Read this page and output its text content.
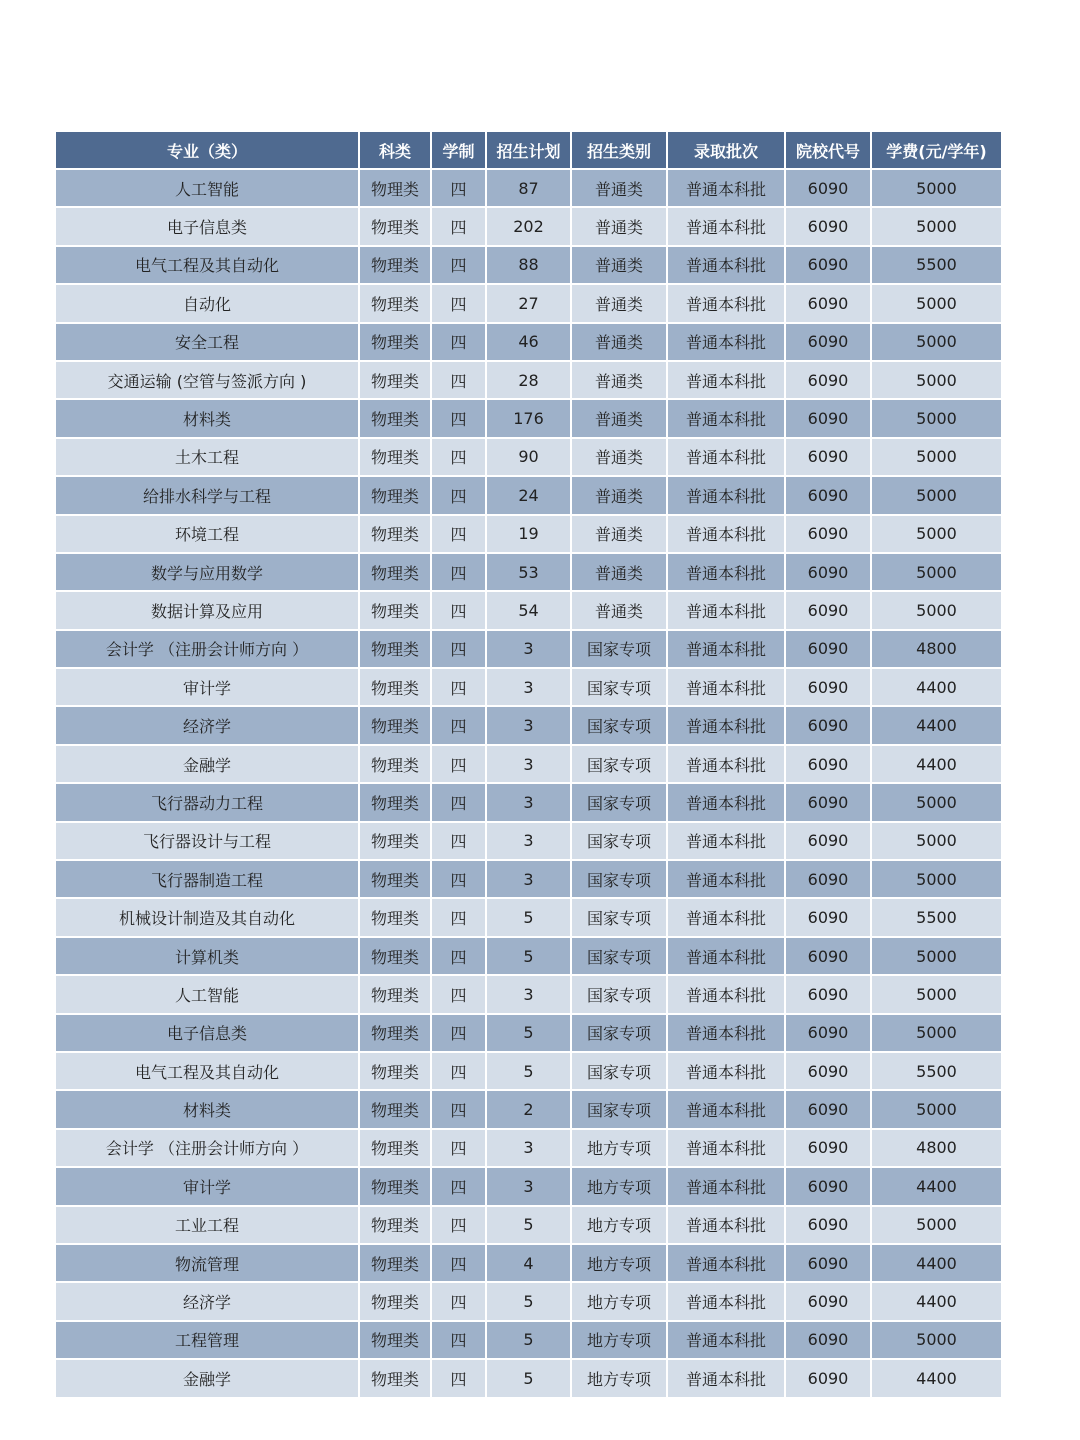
专业（类）	科类	学制	招生计划	招生类别	录取批次	院校代号	学费(元/学年)
人工智能	物理类	四	87	普通类	普通本科批	6090	5000
电子信息类	物理类	四	202	普通类	普通本科批	6090	5000
电气工程及其自动化	物理类	四	88	普通类	普通本科批	6090	5500
自动化	物理类	四	27	普通类	普通本科批	6090	5000
安全工程	物理类	四	46	普通类	普通本科批	6090	5000
交通运输 (空管与签派方向 )	物理类	四	28	普通类	普通本科批	6090	5000
材料类	物理类	四	176	普通类	普通本科批	6090	5000
土木工程	物理类	四	90	普通类	普通本科批	6090	5000
给排水科学与工程	物理类	四	24	普通类	普通本科批	6090	5000
环境工程	物理类	四	19	普通类	普通本科批	6090	5000
数学与应用数学	物理类	四	53	普通类	普通本科批	6090	5000
数据计算及应用	物理类	四	54	普通类	普通本科批	6090	5000
会计学 （注册会计师方向 ）	物理类	四	3	国家专项	普通本科批	6090	4800
审计学	物理类	四	3	国家专项	普通本科批	6090	4400
经济学	物理类	四	3	国家专项	普通本科批	6090	4400
金融学	物理类	四	3	国家专项	普通本科批	6090	4400
飞行器动力工程	物理类	四	3	国家专项	普通本科批	6090	5000
飞行器设计与工程	物理类	四	3	国家专项	普通本科批	6090	5000
飞行器制造工程	物理类	四	3	国家专项	普通本科批	6090	5000
机械设计制造及其自动化	物理类	四	5	国家专项	普通本科批	6090	5500
计算机类	物理类	四	5	国家专项	普通本科批	6090	5000
人工智能	物理类	四	3	国家专项	普通本科批	6090	5000
电子信息类	物理类	四	5	国家专项	普通本科批	6090	5000
电气工程及其自动化	物理类	四	5	国家专项	普通本科批	6090	5500
材料类	物理类	四	2	国家专项	普通本科批	6090	5000
会计学 （注册会计师方向 ）	物理类	四	3	地方专项	普通本科批	6090	4800
审计学	物理类	四	3	地方专项	普通本科批	6090	4400
工业工程	物理类	四	5	地方专项	普通本科批	6090	5000
物流管理	物理类	四	4	地方专项	普通本科批	6090	4400
经济学	物理类	四	5	地方专项	普通本科批	6090	4400
工程管理	物理类	四	5	地方专项	普通本科批	6090	5000
金融学	物理类	四	5	地方专项	普通本科批	6090	4400
